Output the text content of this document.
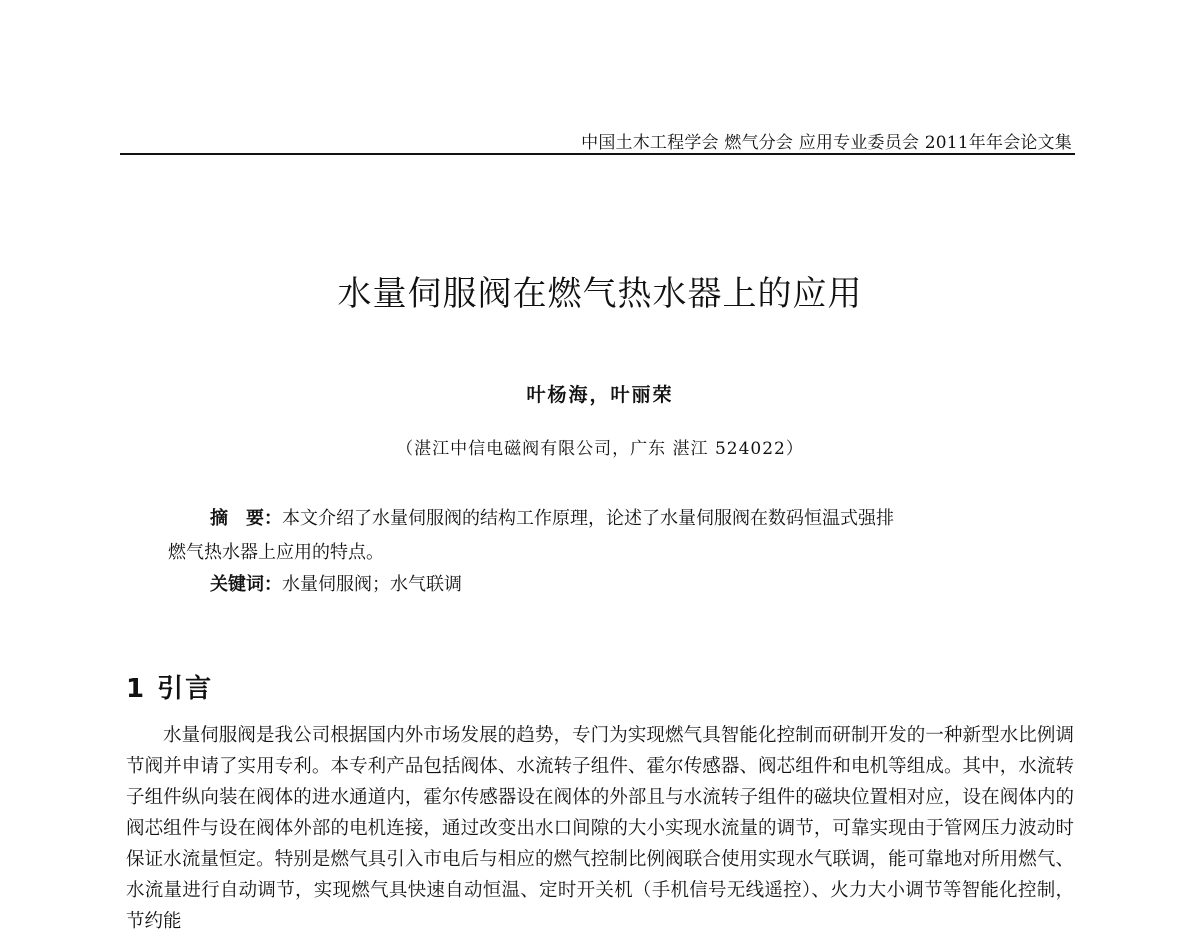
中国土木工程学会 燃气分会 应用专业委员会 2011年年会论文集
水量伺服阀在燃气热水器上的应用
叶杨海，叶丽荣
（湛江中信电磁阀有限公司，广东 湛江 524022）
摘　要：本文介绍了水量伺服阀的结构工作原理，论述了水量伺服阀在数码恒温式强排
燃气热水器上应用的特点。
关键词：水量伺服阀；水气联调
1 引言
水量伺服阀是我公司根据国内外市场发展的趋势，专门为实现燃气具智能化控制而研制开发的一种新型水比例调节阀并申请了实用专利。本专利产品包括阀体、水流转子组件、霍尔传感器、阀芯组件和电机等组成。其中，水流转子组件纵向装在阀体的进水通道内，霍尔传感器设在阀体的外部且与水流转子组件的磁块位置相对应，设在阀体内的阀芯组件与设在阀体外部的电机连接，通过改变出水口间隙的大小实现水流量的调节，可靠实现由于管网压力波动时保证水流量恒定。特别是燃气具引入市电后与相应的燃气控制比例阀联合使用实现水气联调，能可靠地对所用燃气、水流量进行自动调节，实现燃气具快速自动恒温、定时开关机（手机信号无线遥控）、火力大小调节等智能化控制，节约能
